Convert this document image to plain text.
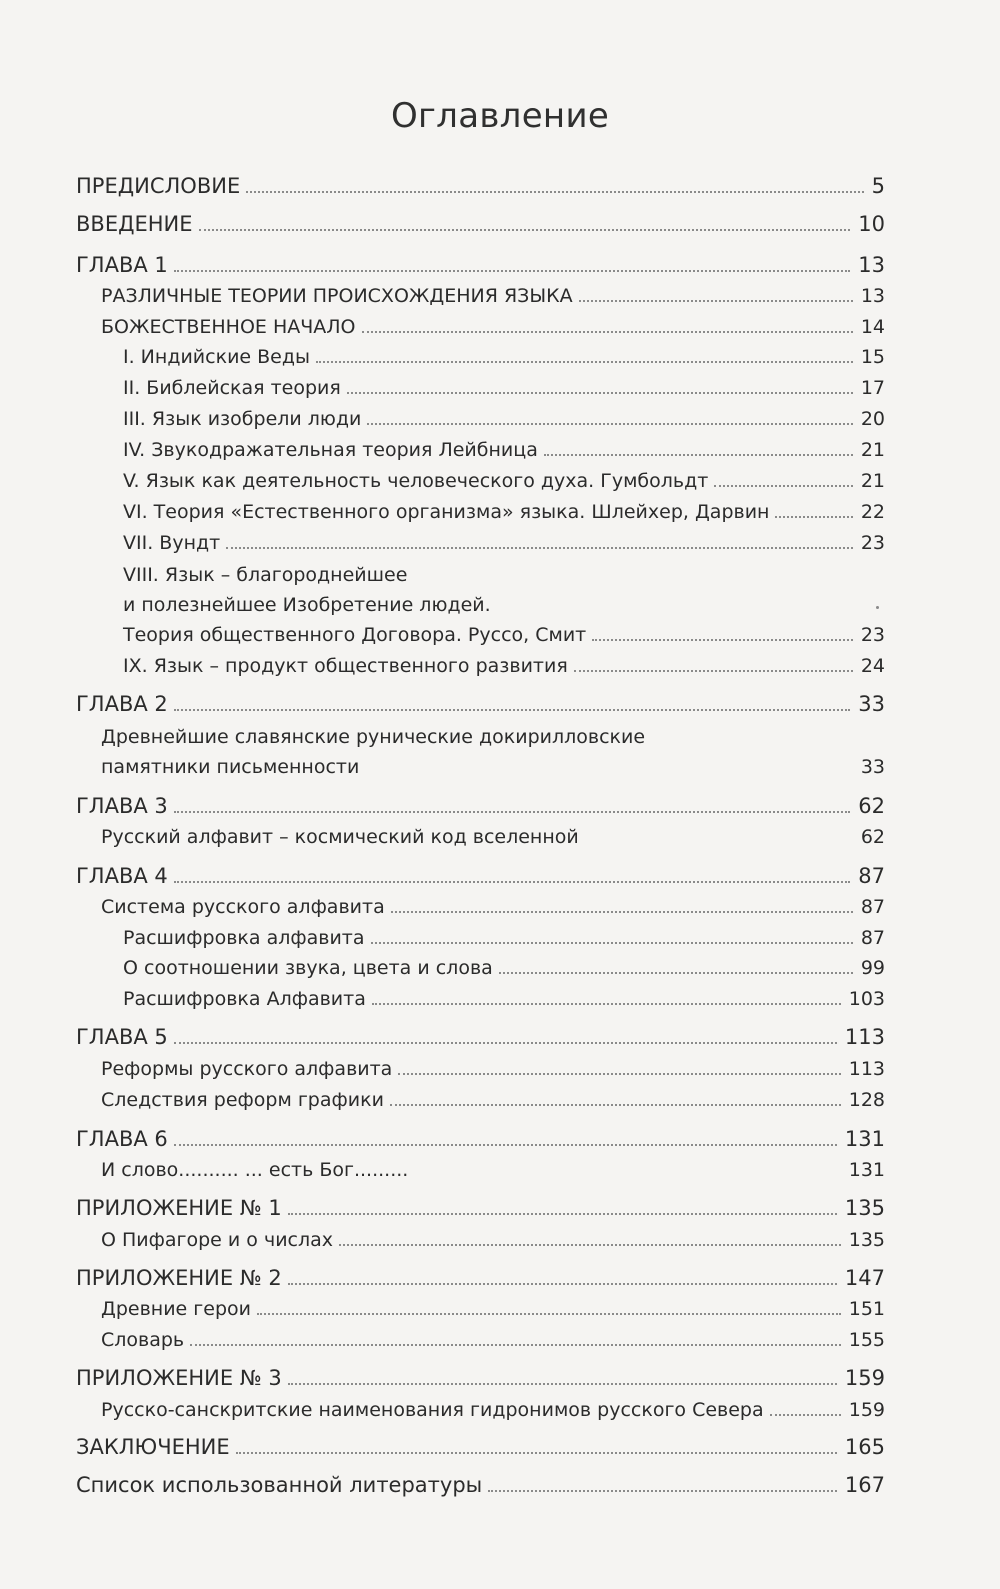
Оглавление
ПРЕДИСЛОВИЕ	5
ВВЕДЕНИЕ	10
ГЛАВА 1	13
РАЗЛИЧНЫЕ ТЕОРИИ ПРОИСХОЖДЕНИЯ ЯЗЫКА	13
БОЖЕСТВЕННОЕ НАЧАЛО	14
I. Индийские Веды	15
II. Библейская теория	17
III. Язык изобрели люди	20
IV. Звукодражательная теория Лейбница	21
V. Язык как деятельность человеческого духа. Гумбольдт	21
VI. Теория «Естественного организма» языка. Шлейхер, Дарвин	22
VII. Вундт	23
VIII. Язык – благороднейшее
и полезнейшее Изобретение людей.
Теория общественного Договора. Руссо, Смит	23
IX. Язык – продукт общественного развития	24
ГЛАВА 2	33
Древнейшие славянские рунические докирилловские
памятники письменности	33
ГЛАВА 3	62
Русский алфавит – космический код вселенной	62
ГЛАВА 4	87
Система русского алфавита	87
Расшифровка алфавита	87
О соотношении звука, цвета и слова	99
Расшифровка Алфавита	103
ГЛАВА 5	113
Реформы русского алфавита	113
Следствия реформ графики	128
ГЛАВА 6	131
И слово.......... ... есть Бог.........	131
ПРИЛОЖЕНИЕ № 1	135
О Пифагоре и о числах	135
ПРИЛОЖЕНИЕ № 2	147
Древние герои	151
Словарь	155
ПРИЛОЖЕНИЕ № 3	159
Русско-санскритские наименования гидронимов русского Севера	159
ЗАКЛЮЧЕНИЕ	165
Список использованной литературы	167
